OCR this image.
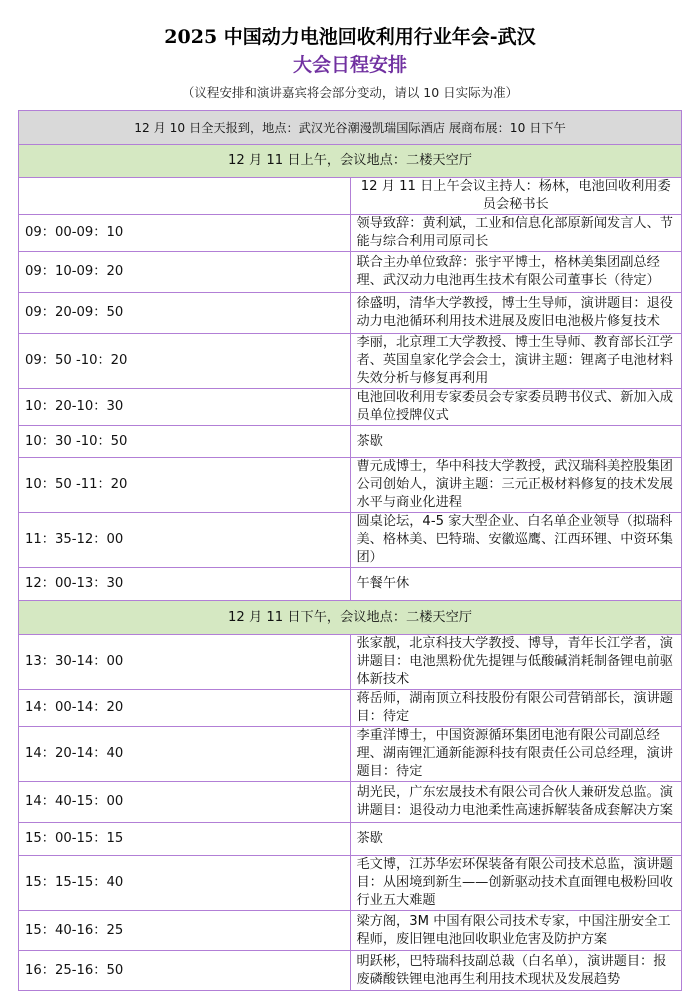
2025 中国动力电池回收利用行业年会-武汉
大会日程安排
（议程安排和演讲嘉宾将会部分变动，请以 10 日实际为准）
12 月 10 日全天报到，地点：武汉光谷潮漫凯瑞国际酒店 展商布展：10 日下午	
12 月 11 日上午，会议地点：二楼天空厅	
	12 月 11 日上午会议主持人：杨林，电池回收利用委员会秘书长
09：00-09：10	领导致辞：黄利斌，工业和信息化部原新闻发言人、节能与综合利用司原司长
09：10-09：20	联合主办单位致辞：张宇平博士，格林美集团副总经理、武汉动力电池再生技术有限公司董事长（待定）
09：20-09：50	徐盛明，清华大学教授，博士生导师，演讲题目：退役动力电池循环利用技术进展及废旧电池极片修复技术
09：50 -10：20	李丽，北京理工大学教授、博士生导师、教育部长江学者、英国皇家化学会会士，演讲主题：锂离子电池材料失效分析与修复再利用
10：20-10：30	电池回收利用专家委员会专家委员聘书仪式、新加入成员单位授牌仪式
10：30 -10：50	茶歇
10：50 -11：20	曹元成博士，华中科技大学教授，武汉瑞科美控股集团公司创始人，演讲主题：三元正极材料修复的技术发展水平与商业化进程
11：35-12：00	圆桌论坛，4-5 家大型企业、白名单企业领导（拟瑞科美、格林美、巴特瑞、安徽巡鹰、江西环锂、中资环集团）
12：00-13：30	午餐午休
12 月 11 日下午，会议地点：二楼天空厅	
13：30-14：00	张家靓，北京科技大学教授、博导，青年长江学者，演讲题目：电池黑粉优先提锂与低酸碱消耗制备锂电前驱体新技术
14：00-14：20	蒋岳师，湖南顶立科技股份有限公司营销部长，演讲题目：待定
14：20-14：40	李重洋博士，中国资源循环集团电池有限公司副总经理、湖南锂汇通新能源科技有限责任公司总经理，演讲题目：待定
14：40-15：00	胡光民，广东宏晟技术有限公司合伙人兼研发总监。演讲题目：退役动力电池柔性高速拆解装备成套解决方案
15：00-15：15	茶歇
15：15-15：40	毛文博，江苏华宏环保装备有限公司技术总监，演讲题目：从困境到新生——创新驱动技术直面锂电极粉回收行业五大难题
15：40-16：25	梁方阁，3M 中国有限公司技术专家，中国注册安全工程师，废旧锂电池回收职业危害及防护方案
16：25-16：50	明跃彬，巴特瑞科技副总裁（白名单），演讲题目：报废磷酸铁锂电池再生利用技术现状及发展趋势
